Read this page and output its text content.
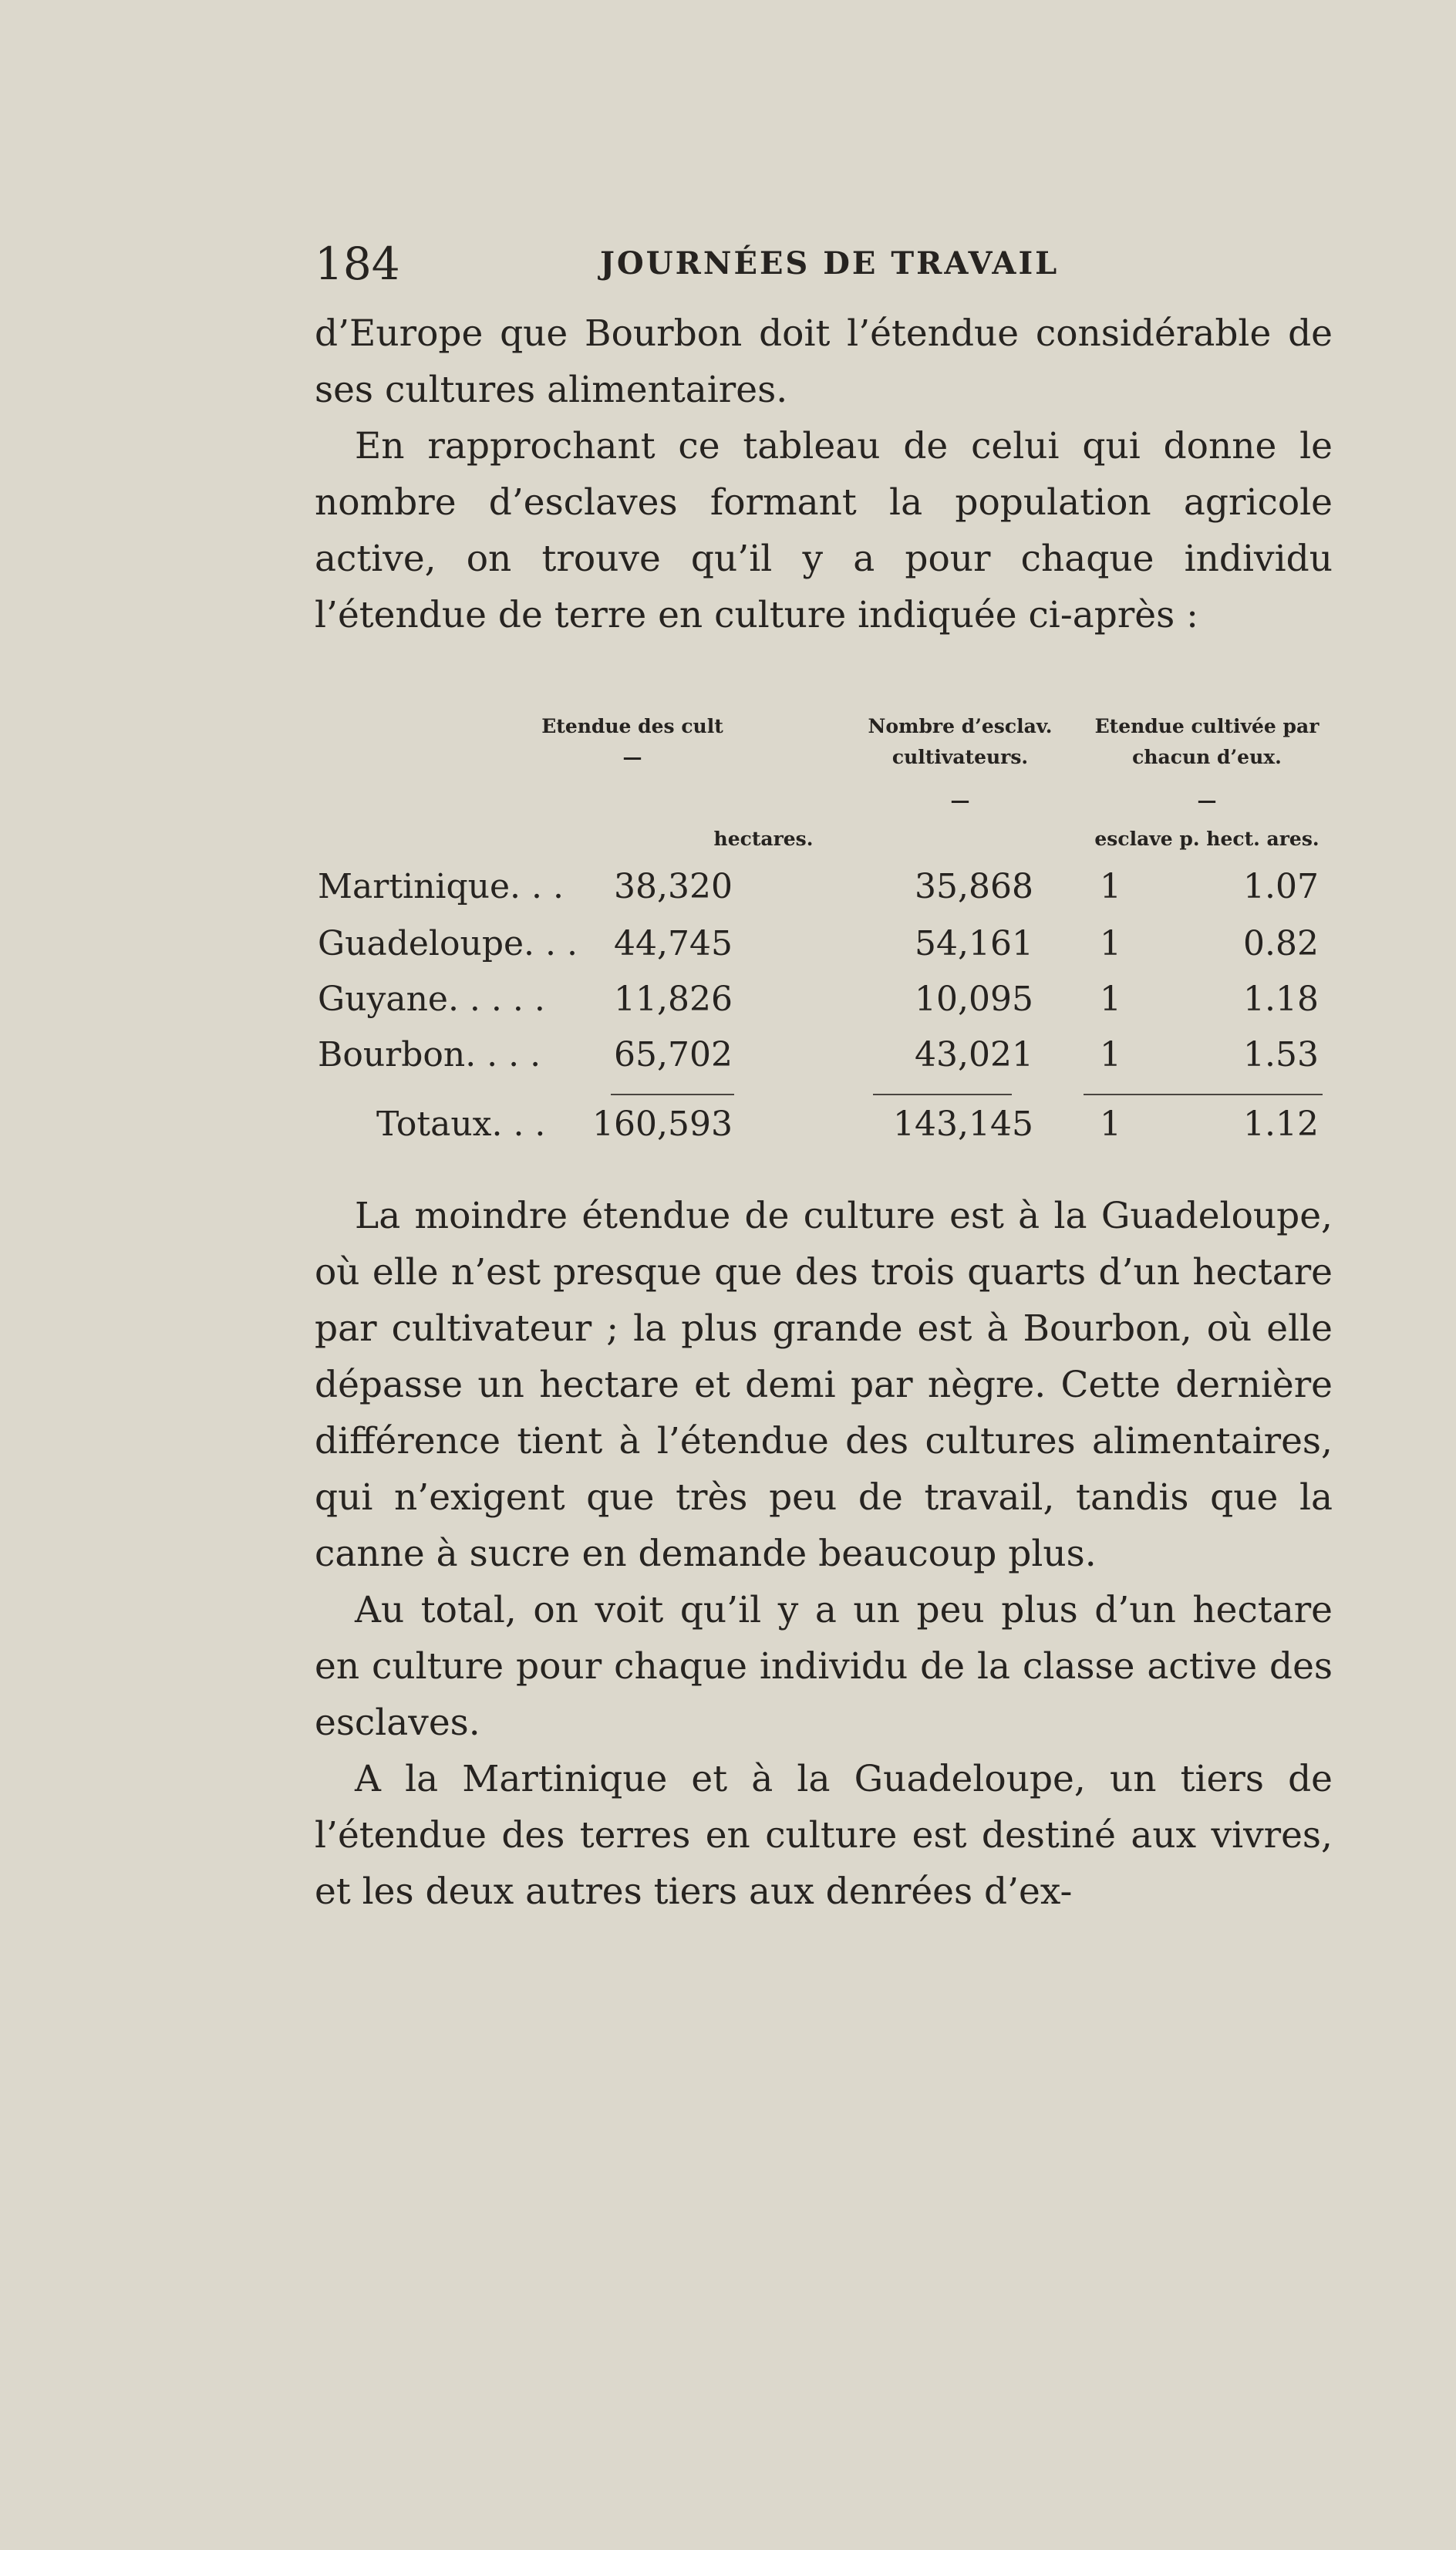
184	JOURNÉES DE TRAVAIL

d’Europe que Bourbon doit l’étendue considérable de ses cultures alimentaires.

En rapprochant ce tableau de celui qui donne le nombre d’esclaves formant la population agricole active, on trouve qu’il y a pour chaque individu l’étendue de terre en culture indiquée ci-après :

Etendue des cult
—
hectares.
Nombre d’esclav.
cultivateurs.
—
Etendue cultivée par
chacun d’eux.
—
esclave p. hect. ares.
Martinique. . .	38,320	35,868	1	1.07
Guadeloupe. . .	44,745	54,161	1	0.82
Guyane. . . . .	11,826	10,095	1	1.18
Bourbon. . . .	65,702	43,021	1	1.53
Totaux. . .	160,593	143,145	1	1.12

La moindre étendue de culture est à la Guadeloupe, où elle n’est presque que des trois quarts d’un hectare par cultivateur ; la plus grande est à Bourbon, où elle dépasse un hectare et demi par nègre. Cette dernière différence tient à l’étendue des cultures alimentaires, qui n’exigent que très peu de travail, tandis que la canne à sucre en demande beaucoup plus.

Au total, on voit qu’il y a un peu plus d’un hectare en culture pour chaque individu de la classe active des esclaves.

A la Martinique et à la Guadeloupe, un tiers de l’étendue des terres en culture est destiné aux vivres, et les deux autres tiers aux denrées d’ex-
